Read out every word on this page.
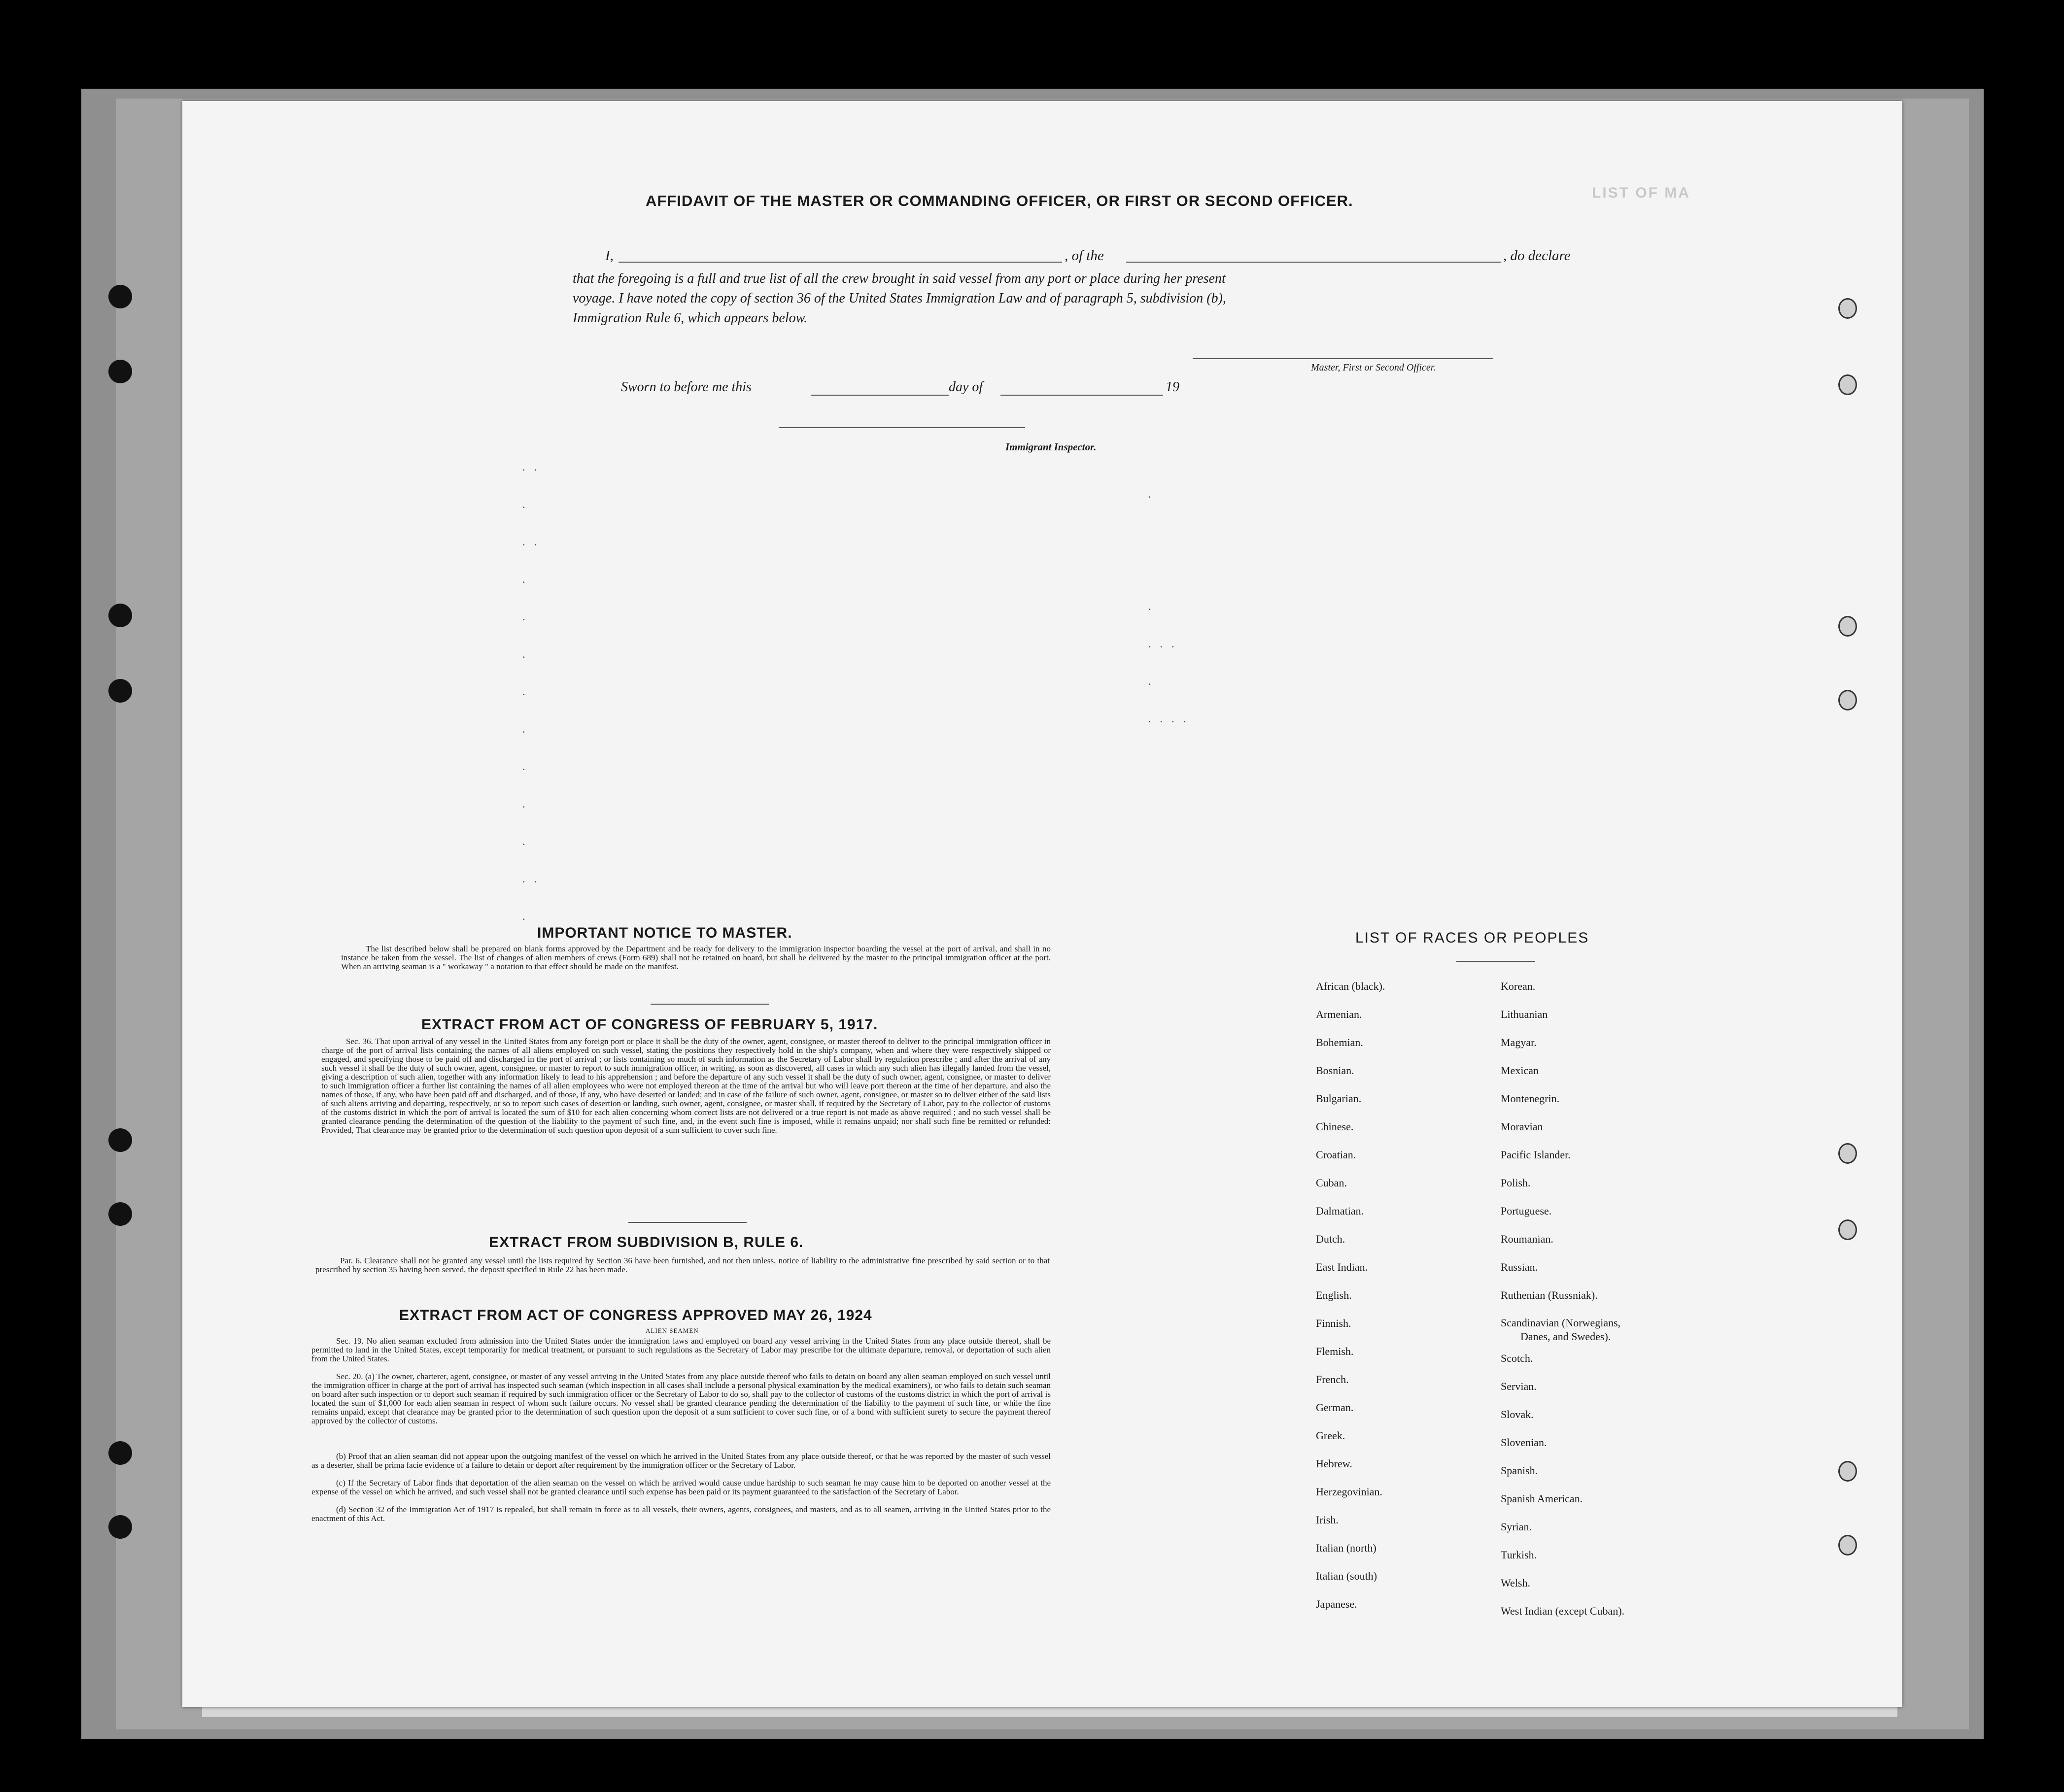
LIST OF MA
AFFIDAVIT OF THE MASTER OR COMMANDING OFFICER, OR FIRST OR SECOND OFFICER.
I,	, of the	, do declare
that the foregoing is a full and true list of all the crew brought in said vessel from any port or place during her present
voyage. I have noted the copy of section 36 of the United States Immigration Law and of paragraph 5, subdivision (b),
Immigration Rule 6, which appears below.
Master, First or Second Officer.
Sworn to before me this	day of	19
Immigrant Inspector.
..
.
..
.
.
.
.
.
.
.
.
..
.
.

.
...
.
....
IMPORTANT NOTICE TO MASTER.
The list described below shall be prepared on blank forms approved by the Department and be ready for delivery to the immigration inspector boarding the vessel at the port of arrival, and shall in no instance be taken from the vessel. The list of changes of alien members of crews (Form 689) shall not be retained on board, but shall be delivered by the master to the principal immigration officer at the port. When an arriving seaman is a " workaway " a notation to that effect should be made on the manifest.
EXTRACT FROM ACT OF CONGRESS OF FEBRUARY 5, 1917.
Sec. 36. That upon arrival of any vessel in the United States from any foreign port or place it shall be the duty of the owner, agent, consignee, or master thereof to deliver to the principal immigration officer in charge of the port of arrival lists containing the names of all aliens employed on such vessel, stating the positions they respectively hold in the ship's company, when and where they were respectively shipped or engaged, and specifying those to be paid off and discharged in the port of arrival ; or lists containing so much of such information as the Secretary of Labor shall by regulation prescribe ; and after the arrival of any such vessel it shall be the duty of such owner, agent, consignee, or master to report to such immigration officer, in writing, as soon as discovered, all cases in which any such alien has illegally landed from the vessel, giving a description of such alien, together with any information likely to lead to his apprehension ; and before the departure of any such vessel it shall be the duty of such owner, agent, consignee, or master to deliver to such immigration officer a further list containing the names of all alien employees who were not employed thereon at the time of the arrival but who will leave port thereon at the time of her departure, and also the names of those, if any, who have been paid off and discharged, and of those, if any, who have deserted or landed; and in case of the failure of such owner, agent, consignee, or master so to deliver either of the said lists of such aliens arriving and departing, respectively, or so to report such cases of desertion or landing, such owner, agent, consignee, or master shall, if required by the Secretary of Labor, pay to the collector of customs of the customs district in which the port of arrival is located the sum of $10 for each alien concerning whom correct lists are not delivered or a true report is not made as above required ; and no such vessel shall be granted clearance pending the determination of the question of the liability to the payment of such fine, and, in the event such fine is imposed, while it remains unpaid; nor shall such fine be remitted or refunded: Provided, That clearance may be granted prior to the determination of such question upon deposit of a sum sufficient to cover such fine.
EXTRACT FROM SUBDIVISION B, RULE 6.
Par. 6. Clearance shall not be granted any vessel until the lists required by Section 36 have been furnished, and not then unless, notice of liability to the administrative fine prescribed by said section or to that prescribed by section 35 having been served, the deposit specified in Rule 22 has been made.
EXTRACT FROM ACT OF CONGRESS APPROVED MAY 26, 1924
ALIEN SEAMEN
Sec. 19. No alien seaman excluded from admission into the United States under the immigration laws and employed on board any vessel arriving in the United States from any place outside thereof, shall be permitted to land in the United States, except temporarily for medical treatment, or pursuant to such regulations as the Secretary of Labor may prescribe for the ultimate departure, removal, or deportation of such alien from the United States.
Sec. 20. (a) The owner, charterer, agent, consignee, or master of any vessel arriving in the United States from any place outside thereof who fails to detain on board any alien seaman employed on such vessel until the immigration officer in charge at the port of arrival has inspected such seaman (which inspection in all cases shall include a personal physical examination by the medical examiners), or who fails to detain such seaman on board after such inspection or to deport such seaman if required by such immigration officer or the Secretary of Labor to do so, shall pay to the collector of customs of the customs district in which the port of arrival is located the sum of $1,000 for each alien seaman in respect of whom such failure occurs. No vessel shall be granted clearance pending the determination of the liability to the payment of such fine, or while the fine remains unpaid, except that clearance may be granted prior to the determination of such question upon the deposit of a sum sufficient to cover such fine, or of a bond with sufficient surety to secure the payment thereof approved by the collector of customs.
(b) Proof that an alien seaman did not appear upon the outgoing manifest of the vessel on which he arrived in the United States from any place outside thereof, or that he was reported by the master of such vessel as a deserter, shall be prima facie evidence of a failure to detain or deport after requirement by the immigration officer or the Secretary of Labor.
(c) If the Secretary of Labor finds that deportation of the alien seaman on the vessel on which he arrived would cause undue hardship to such seaman he may cause him to be deported on another vessel at the expense of the vessel on which he arrived, and such vessel shall not be granted clearance until such expense has been paid or its payment guaranteed to the satisfaction of the Secretary of Labor.
(d) Section 32 of the Immigration Act of 1917 is repealed, but shall remain in force as to all vessels, their owners, agents, consignees, and masters, and as to all seamen, arriving in the United States prior to the enactment of this Act.
LIST OF RACES OR PEOPLES
African (black).
Armenian.
Bohemian.
Bosnian.
Bulgarian.
Chinese.
Croatian.
Cuban.
Dalmatian.
Dutch.
East Indian.
English.
Finnish.
Flemish.
French.
German.
Greek.
Hebrew.
Herzegovinian.
Irish.
Italian (north)
Italian (south)
Japanese.
Korean.
Lithuanian
Magyar.
Mexican
Montenegrin.
Moravian
Pacific Islander.
Polish.
Portuguese.
Roumanian.
Russian.
Ruthenian (Russniak).
Scandinavian (Norwegians,
Danes, and Swedes).
Scotch.
Servian.
Slovak.
Slovenian.
Spanish.
Spanish American.
Syrian.
Turkish.
Welsh.
West Indian (except Cuban).
